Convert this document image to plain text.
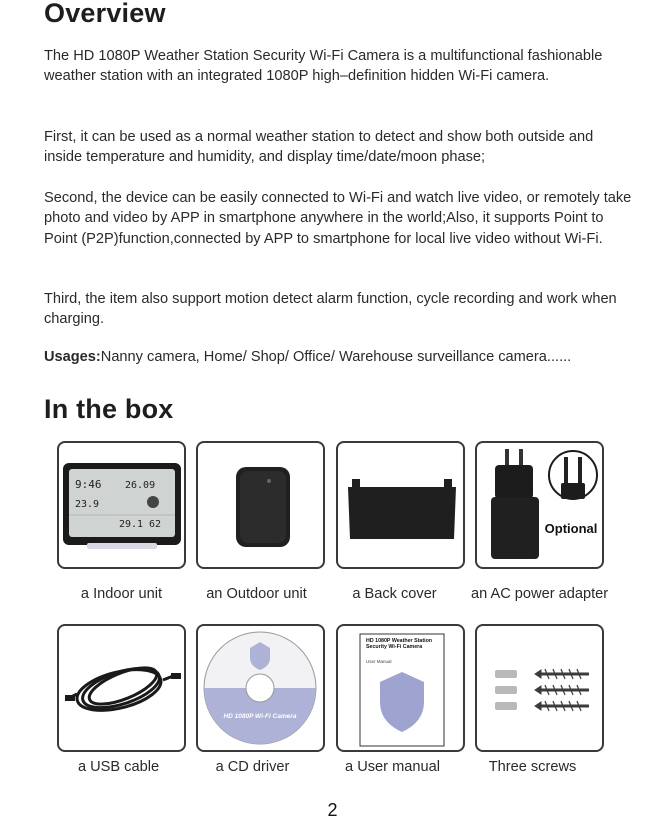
Overview

The HD 1080P Weather Station Security Wi-Fi Camera is a multifunctional fashionable weather station with an integrated 1080P high–definition hidden Wi-Fi camera.

First, it can be used as a normal weather station to detect and show both outside and inside temperature and humidity, and display time/date/moon phase;

Second, the device can be easily connected to Wi-Fi and watch live video, or remotely take photo and video by APP in smartphone anywhere in the world;Also, it supports Point to Point (P2P)function,connected by APP to smartphone for local live video without Wi-Fi.

Third, the item also support motion detect alarm function, cycle recording and work when charging.

Usages:Nanny camera, Home/ Shop/ Office/ Warehouse surveillance camera......

In the box
9:46 26.09
23.9
29.1 62	Optional
a Indoor unit	an Outdoor unit	a Back cover	an AC power adapter
HD 1080P Wi-Fi Camera
HD 1080P Weather Station Security Wi-Fi Camera
User Manual
a USB cable	a CD driver	a User manual	Three screws
2
